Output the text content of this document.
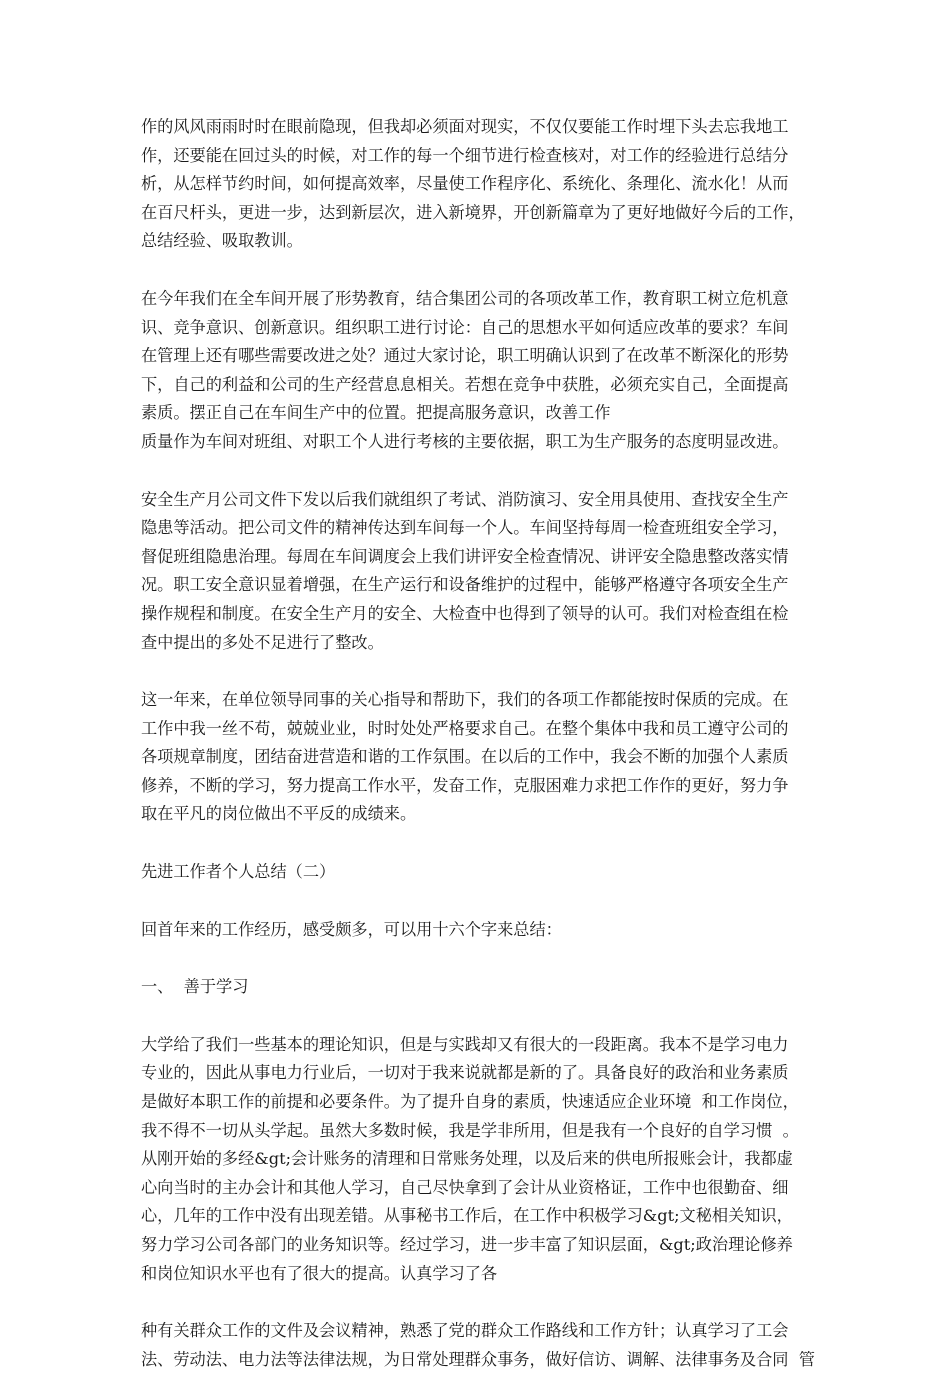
作的风风雨雨时时在眼前隐现，但我却必须面对现实，不仅仅要能工作时埋下头去忘我地工
作，还要能在回过头的时候，对工作的每一个细节进行检查核对，对工作的经验进行总结分
析，从怎样节约时间，如何提高效率，尽量使工作程序化、系统化、条理化、流水化！从而
在百尺杆头，更进一步，达到新层次，进入新境界，开创新篇章为了更好地做好今后的工作，
总结经验、吸取教训。
在今年我们在全车间开展了形势教育，结合集团公司的各项改革工作，教育职工树立危机意
识、竞争意识、创新意识。组织职工进行讨论：自己的思想水平如何适应改革的要求？车间
在管理上还有哪些需要改进之处？通过大家讨论，职工明确认识到了在改革不断深化的形势
下，自己的利益和公司的生产经营息息相关。若想在竞争中获胜，必须充实自己，全面提高
素质。摆正自己在车间生产中的位置。把提高服务意识，改善工作
质量作为车间对班组、对职工个人进行考核的主要依据，职工为生产服务的态度明显改进。
安全生产月公司文件下发以后我们就组织了考试、消防演习、安全用具使用、查找安全生产
隐患等活动。把公司文件的精神传达到车间每一个人。车间坚持每周一检查班组安全学习，
督促班组隐患治理。每周在车间调度会上我们讲评安全检查情况、讲评安全隐患整改落实情
况。职工安全意识显着增强，在生产运行和设备维护的过程中，能够严格遵守各项安全生产
操作规程和制度。在安全生产月的安全、大检查中也得到了领导的认可。我们对检查组在检
查中提出的多处不足进行了整改。
这一年来，在单位领导同事的关心指导和帮助下，我们的各项工作都能按时保质的完成。在
工作中我一丝不苟，兢兢业业，时时处处严格要求自己。在整个集体中我和员工遵守公司的
各项规章制度，团结奋进营造和谐的工作氛围。在以后的工作中，我会不断的加强个人素质
修养，不断的学习，努力提高工作水平，发奋工作，克服困难力求把工作作的更好，努力争
取在平凡的岗位做出不平反的成绩来。

先进工作者个人总结（二）

回首年来的工作经历，感受颇多，可以用十六个字来总结：

一、  善于学习

大学给了我们一些基本的理论知识，但是与实践却又有很大的一段距离。我本不是学习电力
专业的，因此从事电力行业后，一切对于我来说就都是新的了。具备良好的政治和业务素质
是做好本职工作的前提和必要条件。为了提升自身的素质，快速适应企业环境  和工作岗位，
我不得不一切从头学起。虽然大多数时候，我是学非所用，但是我有一个良好的自学习惯  。
从刚开始的多经&gt;会计账务的清理和日常账务处理，以及后来的供电所报账会计，我都虚
心向当时的主办会计和其他人学习，自己尽快拿到了会计从业资格证，工作中也很勤奋、细
心，几年的工作中没有出现差错。从事秘书工作后，在工作中积极学习&gt;文秘相关知识，
努力学习公司各部门的业务知识等。经过学习，进一步丰富了知识层面，&gt;政治理论修养
和岗位知识水平也有了很大的提高。认真学习了各
种有关群众工作的文件及会议精神，熟悉了党的群众工作路线和工作方针；认真学习了工会
法、劳动法、电力法等法律法规，为日常处理群众事务，做好信访、调解、法律事务及合同  管
